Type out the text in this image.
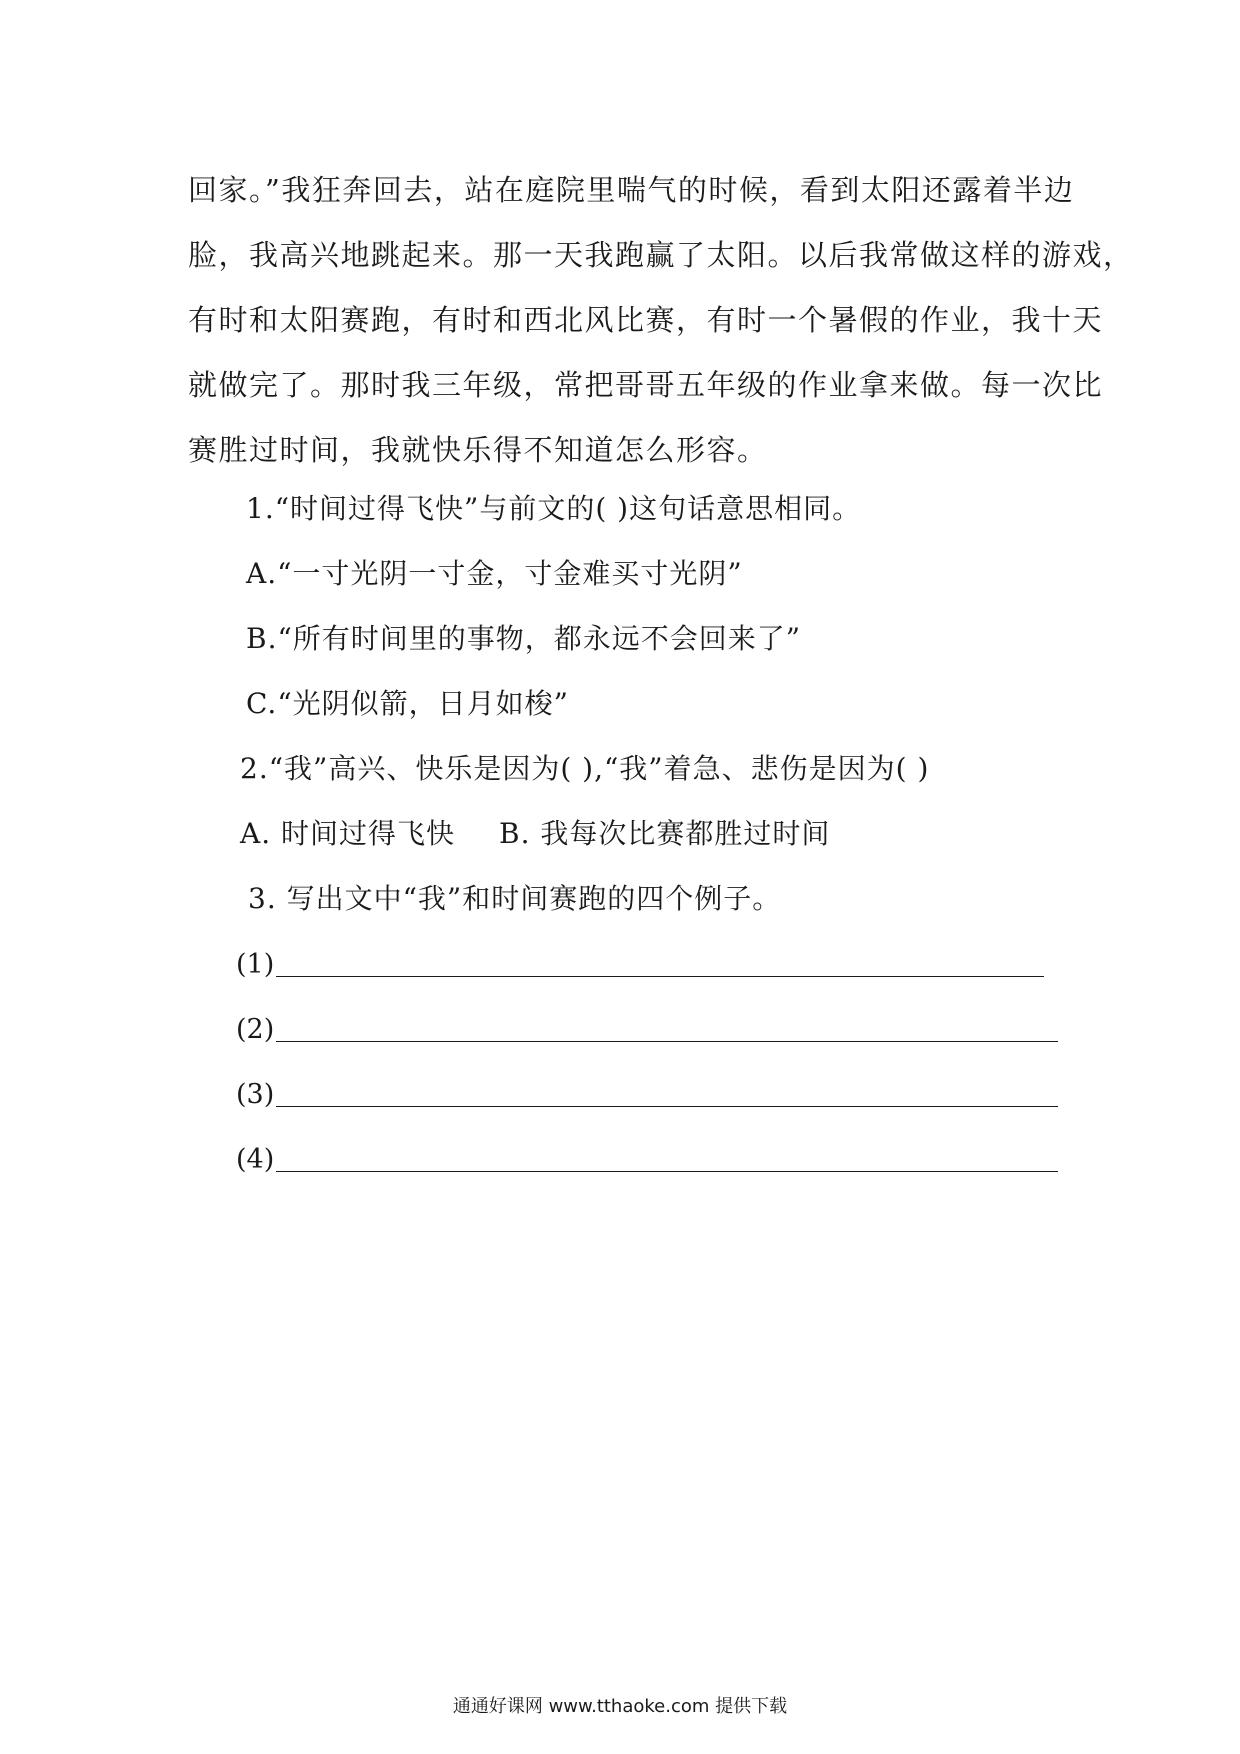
回家。”我狂奔回去，站在庭院里喘气的时候，看到太阳还露着半边
脸，我高兴地跳起来。那一天我跑赢了太阳。以后我常做这样的游戏，
有时和太阳赛跑，有时和西北风比赛，有时一个暑假的作业，我十天
就做完了。那时我三年级，常把哥哥五年级的作业拿来做。每一次比
赛胜过时间，我就快乐得不知道怎么形容。
1.“时间过得飞快”与前文的( )这句话意思相同。
A.“一寸光阴一寸金，寸金难买寸光阴”
B.“所有时间里的事物，都永远不会回来了”
C.“光阴似箭，日月如梭”
2.“我”高兴、快乐是因为( ),“我”着急、悲伤是因为( )
A. 时间过得飞快 B. 我每次比赛都胜过时间
3. 写出文中“我”和时间赛跑的四个例子。
(1)
(2)
(3)
(4)
通通好课网 www.tthaoke.com 提供下载
